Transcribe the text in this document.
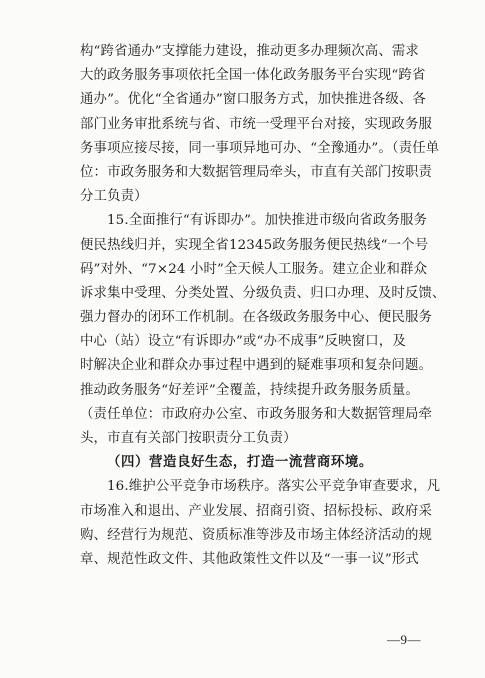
构“跨省通办”支撑能力建设，推动更多办理频次高、需求
大的政务服务事项依托全国一体化政务服务平台实现“跨省
通办”。优化“全省通办”窗口服务方式，加快推进各级、各
部门业务审批系统与省、市统一受理平台对接，实现政务服
务事项应接尽接，同一事项异地可办、“全豫通办”。（责任单
位：市政务服务和大数据管理局牵头，市直有关部门按职责
分工负责）
15.全面推行“有诉即办”。加快推进市级向省政务服务
便民热线归并，实现全省12345政务服务便民热线“一个号
码”对外、“7×24 小时”全天候人工服务。建立企业和群众
诉求集中受理、分类处置、分级负责、归口办理、及时反馈、
强力督办的闭环工作机制。在各级政务服务中心、便民服务
中心（站）设立“有诉即办”或“办不成事”反映窗口，及
时解决企业和群众办事过程中遇到的疑难事项和复杂问题。
推动政务服务“好差评”全覆盖，持续提升政务服务质量。
（责任单位：市政府办公室、市政务服务和大数据管理局牵
头，市直有关部门按职责分工负责）
（四）营造良好生态，打造一流营商环境。
16.维护公平竞争市场秩序。落实公平竞争审查要求，凡
市场准入和退出、产业发展、招商引资、招标投标、政府采
购、经营行为规范、资质标准等涉及市场主体经济活动的规
章、规范性政文件、其他政策性文件以及“一事一议”形式
—9—
